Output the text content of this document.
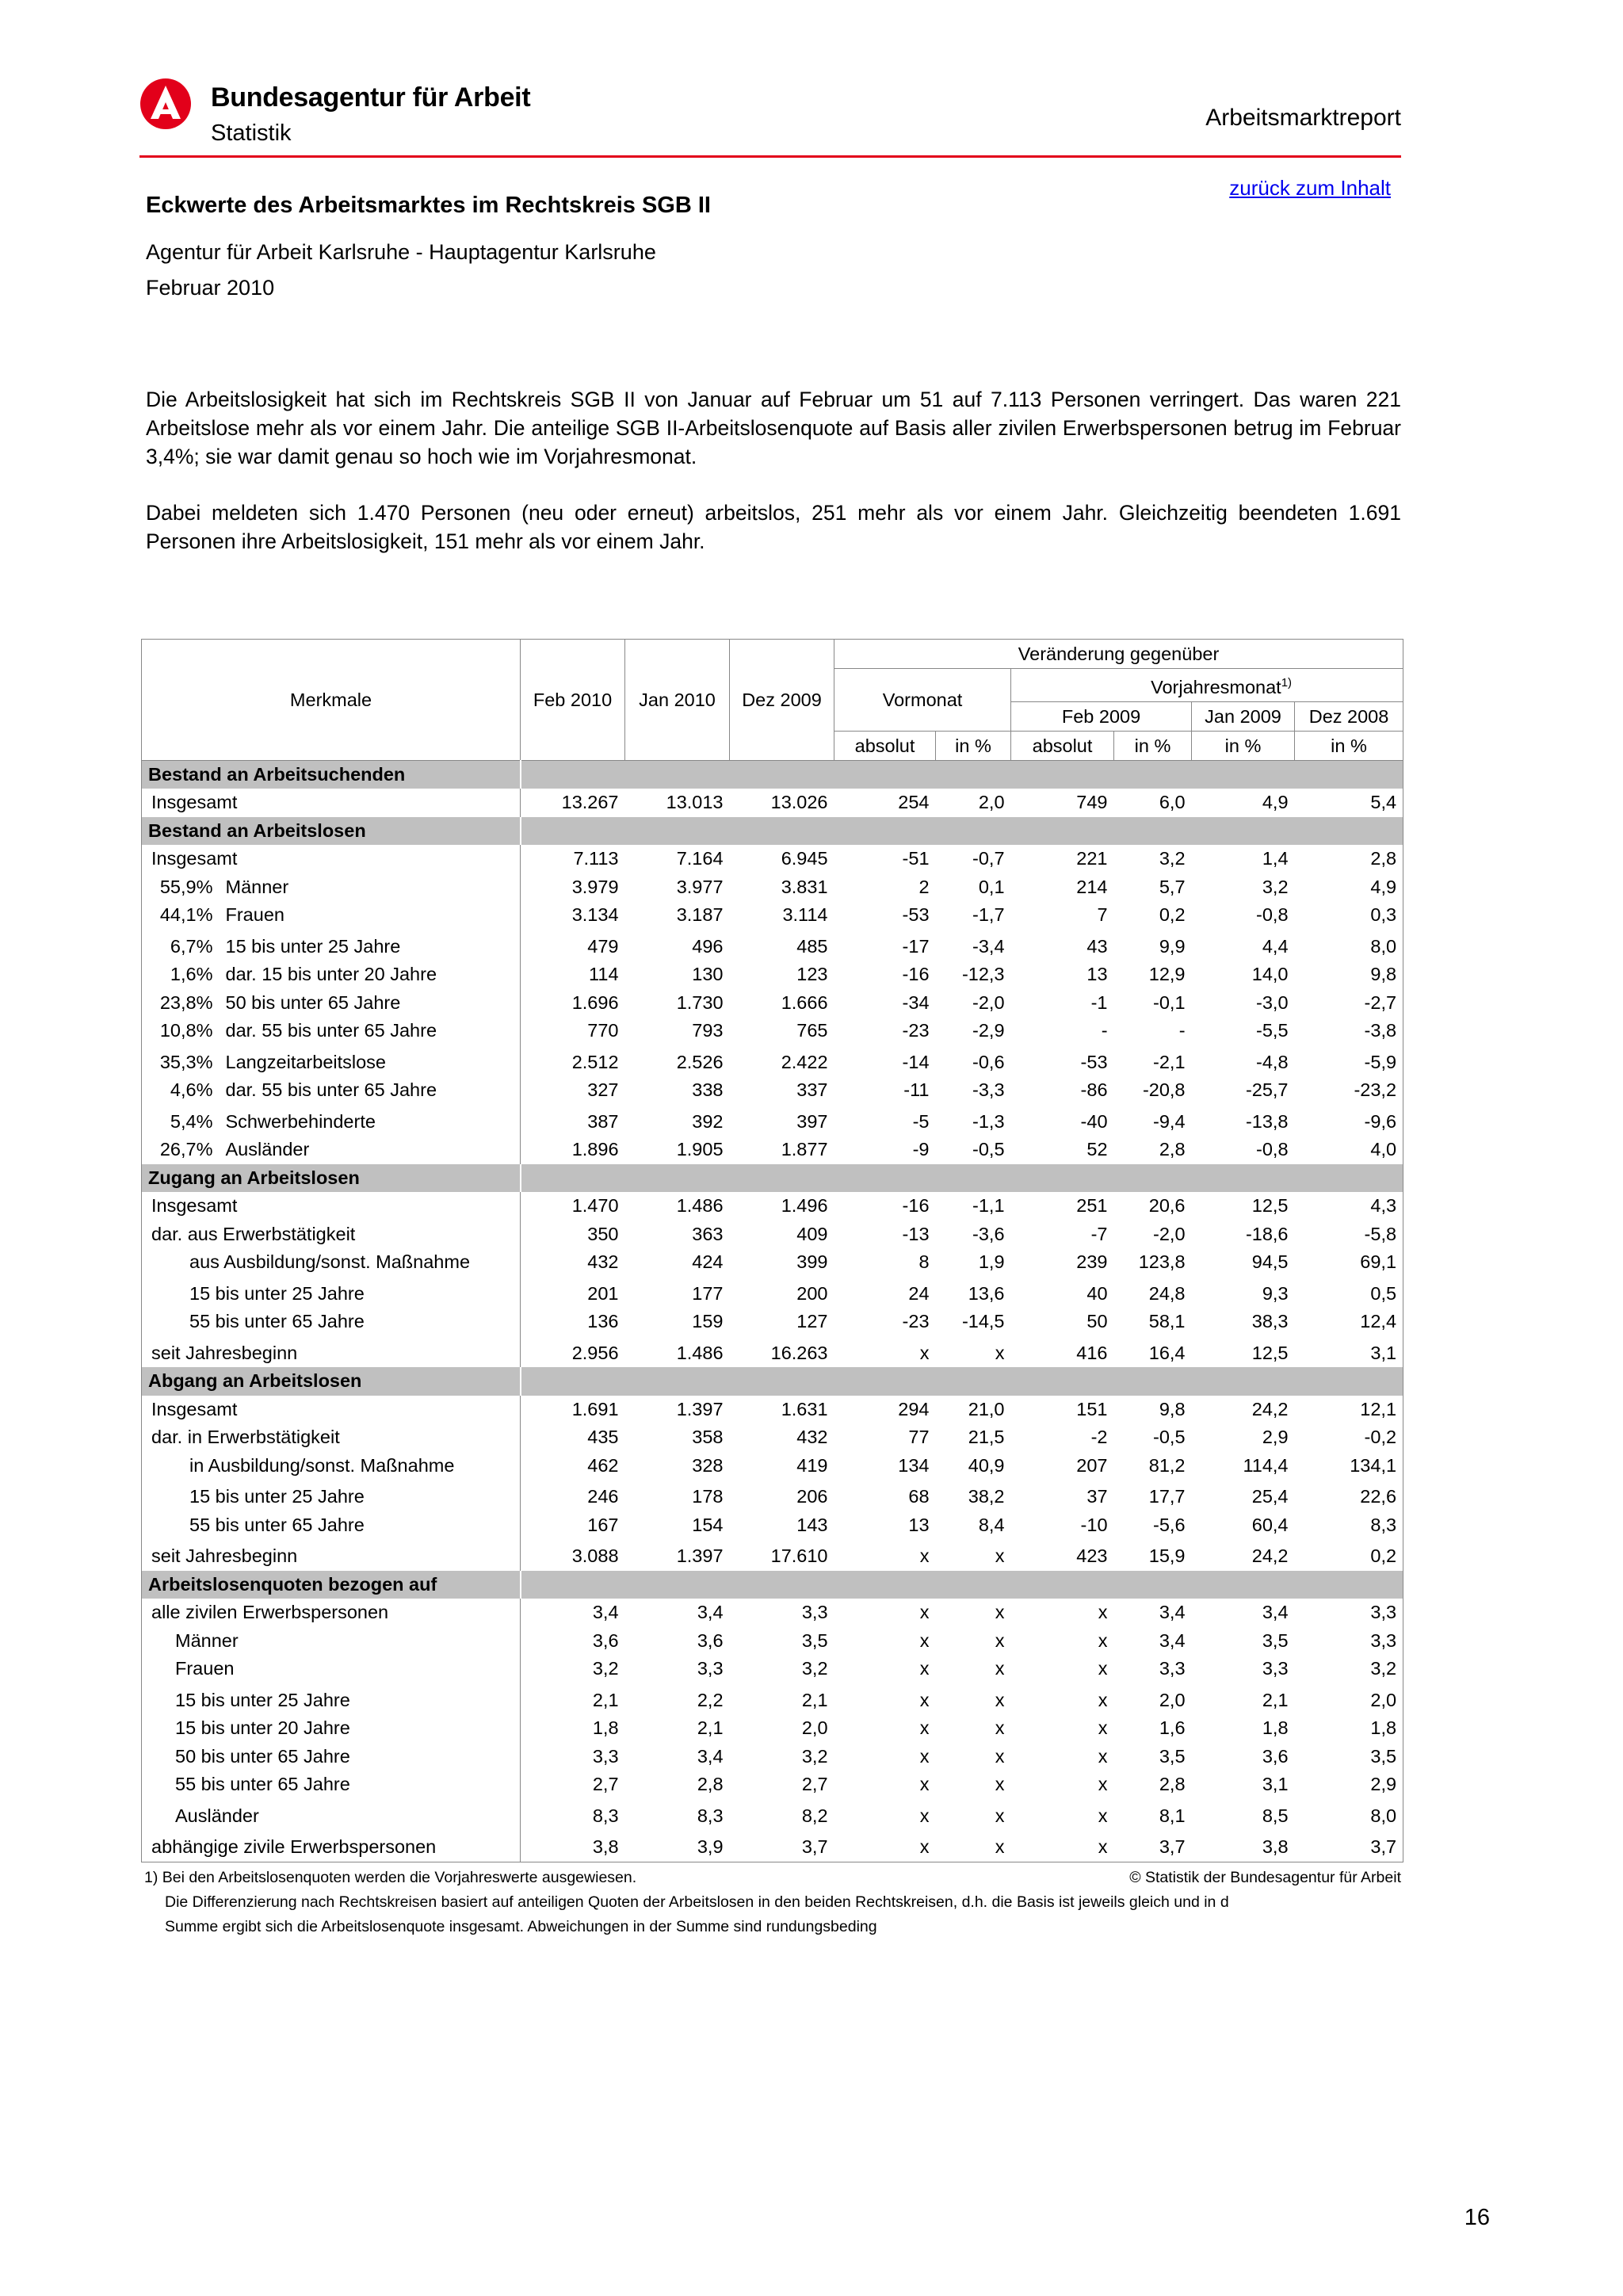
Bundesagentur für Arbeit
Statistik
Arbeitsmarktreport
zurück zum Inhalt
Eckwerte des Arbeitsmarktes im Rechtskreis SGB II
Agentur für Arbeit Karlsruhe - Hauptagentur Karlsruhe
Februar 2010

Die Arbeitslosigkeit hat sich im Rechtskreis SGB II von Januar auf Februar um 51 auf 7.113 Personen verringert. Das waren 221 Arbeitslose mehr als vor einem Jahr. Die anteilige SGB II-Arbeitslosenquote auf Basis aller zivilen Erwerbspersonen betrug im Februar 3,4%; sie war damit genau so hoch wie im Vorjahresmonat.

Dabei meldeten sich 1.470 Personen (neu oder erneut) arbeitslos, 251 mehr als vor einem Jahr. Gleichzeitig beendeten 1.691 Personen ihre Arbeitslosigkeit, 151 mehr als vor einem Jahr.

Merkmale		Feb 2010	Jan 2010	Dez 2009	Veränderung gegenüber					
					Vormonat		Vorjahresmonat$^{1)}$
							Feb 2009		Jan 2009	Dez 2008
					absolut	in %	absolut	in %	in %	in %
Bestand an Arbeitsuchenden										
Insgesamt		13.267	13.013	13.026	254	2,0	749	6,0	4,9	5,4
Bestand an Arbeitslosen										
Insgesamt		7.113	7.164	6.945	-51	-0,7	221	3,2	1,4	2,8
55,9%	Männer	3.979	3.977	3.831	2	0,1	214	5,7	3,2	4,9
44,1%	Frauen	3.134	3.187	3.114	-53	-1,7	7	0,2	-0,8	0,3
6,7%	15 bis unter 25 Jahre	479	496	485	-17	-3,4	43	9,9	4,4	8,0
1,6%	dar. 15 bis unter 20 Jahre	114	130	123	-16	-12,3	13	12,9	14,0	9,8
23,8%	50 bis unter 65 Jahre	1.696	1.730	1.666	-34	-2,0	-1	-0,1	-3,0	-2,7
10,8%	dar. 55 bis unter 65 Jahre	770	793	765	-23	-2,9	-	-	-5,5	-3,8
35,3%	Langzeitarbeitslose	2.512	2.526	2.422	-14	-0,6	-53	-2,1	-4,8	-5,9
4,6%	dar. 55 bis unter 65 Jahre	327	338	337	-11	-3,3	-86	-20,8	-25,7	-23,2
5,4%	Schwerbehinderte	387	392	397	-5	-1,3	-40	-9,4	-13,8	-9,6
26,7%	Ausländer	1.896	1.905	1.877	-9	-0,5	52	2,8	-0,8	4,0
Zugang an Arbeitslosen										
Insgesamt		1.470	1.486	1.496	-16	-1,1	251	20,6	12,5	4,3
dar. aus Erwerbstätigkeit		350	363	409	-13	-3,6	-7	-2,0	-18,6	-5,8
aus Ausbildung/sonst. Maßnahme		432	424	399	8	1,9	239	123,8	94,5	69,1
15 bis unter 25 Jahre		201	177	200	24	13,6	40	24,8	9,3	0,5
55 bis unter 65 Jahre		136	159	127	-23	-14,5	50	58,1	38,3	12,4
seit Jahresbeginn		2.956	1.486	16.263	x	x	416	16,4	12,5	3,1
Abgang an Arbeitslosen										
Insgesamt		1.691	1.397	1.631	294	21,0	151	9,8	24,2	12,1
dar. in Erwerbstätigkeit		435	358	432	77	21,5	-2	-0,5	2,9	-0,2
in Ausbildung/sonst. Maßnahme		462	328	419	134	40,9	207	81,2	114,4	134,1
15 bis unter 25 Jahre		246	178	206	68	38,2	37	17,7	25,4	22,6
55 bis unter 65 Jahre		167	154	143	13	8,4	-10	-5,6	60,4	8,3
seit Jahresbeginn		3.088	1.397	17.610	x	x	423	15,9	24,2	0,2
Arbeitslosenquoten bezogen auf										
alle zivilen Erwerbspersonen		3,4	3,4	3,3	x	x	x	3,4	3,4	3,3
Männer		3,6	3,6	3,5	x	x	x	3,4	3,5	3,3
Frauen		3,2	3,3	3,2	x	x	x	3,3	3,3	3,2
15 bis unter 25 Jahre		2,1	2,2	2,1	x	x	x	2,0	2,1	2,0
15 bis unter 20 Jahre		1,8	2,1	2,0	x	x	x	1,6	1,8	1,8
50 bis unter 65 Jahre		3,3	3,4	3,2	x	x	x	3,5	3,6	3,5
55 bis unter 65 Jahre		2,7	2,8	2,7	x	x	x	2,8	3,1	2,9
Ausländer		8,3	8,3	8,2	x	x	x	8,1	8,5	8,0
abhängige zivile Erwerbspersonen		3,8	3,9	3,7	x	x	x	3,7	3,8	3,7
1) Bei den Arbeitslosenquoten werden die Vorjahreswerte ausgewiesen.	© Statistik der Bundesagentur für Arbeit
Die Differenzierung nach Rechtskreisen basiert auf anteiligen Quoten der Arbeitslosen in den beiden Rechtskreisen, d.h. die Basis ist jeweils gleich und in d
Summe ergibt sich die Arbeitslosenquote insgesamt. Abweichungen in der Summe sind rundungsbeding
16
